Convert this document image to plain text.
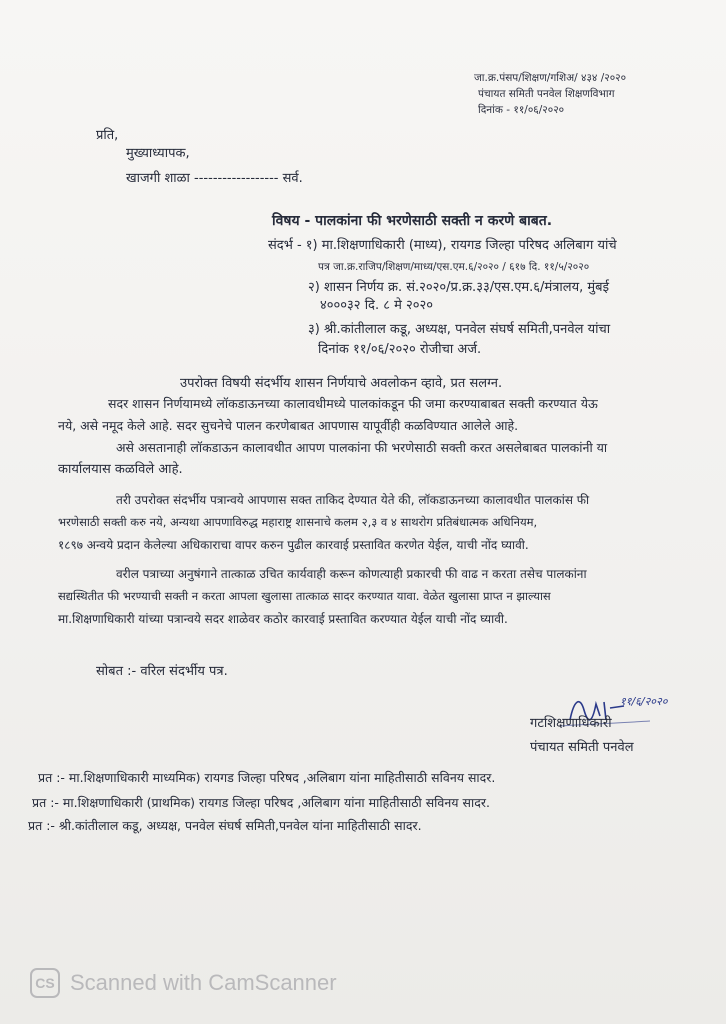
जा.क्र.पंसप/शिक्षण/गशिअ/ ४३४ /२०२०
पंचायत समिती पनवेल शिक्षणविभाग
दिनांक - ११/०६/२०२०
प्रति,
मुख्याध्यापक,
खाजगी शाळा ------------------ सर्व.
विषय - पालकांना फी भरणेसाठी सक्ती न करणे बाबत.
संदर्भ - १) मा.शिक्षणाधिकारी (माध्य), रायगड जिल्हा परिषद अलिबाग यांचे
पत्र जा.क्र.राजिप/शिक्षण/माध्य/एस.एम.६/२०२० / ६१७ दि. ११/५/२०२०
२) शासन निर्णय क्र. सं.२०२०/प्र.क्र.३३/एस.एम.६/मंत्रालय, मुंबई
४०००३२ दि. ८ मे २०२०
३) श्री.कांतीलाल कडू, अध्यक्ष, पनवेल संघर्ष समिती,पनवेल यांचा
दिनांक ११/०६/२०२० रोजीचा अर्ज.
उपरोक्त विषयी संदर्भीय शासन निर्णयाचे अवलोकन व्हावे, प्रत सलग्न.
सदर शासन निर्णयामध्ये लॉकडाऊनच्या कालावधीमध्ये पालकांकडून फी जमा करण्याबाबत सक्ती करण्यात येऊ
नये, असे नमूद केले आहे. सदर सुचनेचे पालन करणेबाबत आपणास यापूर्वीही कळविण्यात आलेले आहे.
असे असतानाही लॉकडाऊन कालावधीत आपण पालकांना फी भरणेसाठी सक्ती करत असलेबाबत पालकांनी या
कार्यालयास कळविले आहे.
तरी उपरोक्त संदर्भीय पत्रान्वये आपणास सक्त ताकिद देण्यात येते की, लॉकडाऊनच्या कालावधीत पालकांस फी
भरणेसाठी सक्ती करु नये, अन्यथा आपणाविरुद्ध महाराष्ट्र शासनाचे कलम २,३ व ४ साथरोग प्रतिबंधात्मक अधिनियम,
१८९७ अन्वये प्रदान केलेल्या अधिकाराचा वापर करुन पुढील कारवाई प्रस्तावित करणेत येईल, याची नोंद घ्यावी.
वरील पत्राच्या अनुषंगाने तात्काळ उचित कार्यवाही करून कोणत्याही प्रकारची फी वाढ न करता तसेच पालकांना
सद्यस्थितीत फी भरण्याची सक्ती न करता आपला खुलासा तात्काळ सादर करण्यात यावा. वेळेत खुलासा प्राप्त न झाल्यास
मा.शिक्षणाधिकारी यांच्या पत्रान्वये सदर शाळेवर कठोर कारवाई प्रस्तावित करण्यात येईल याची नोंद घ्यावी.
सोबत :- वरिल संदर्भीय पत्र.
११/६/२०२०
गटशिक्षणाधिकारी
पंचायत समिती पनवेल
प्रत :- मा.शिक्षणाधिकारी माध्यमिक) रायगड जिल्हा परिषद ,अलिबाग यांना माहितीसाठी सविनय सादर.
प्रत :- मा.शिक्षणाधिकारी (प्राथमिक) रायगड जिल्हा परिषद ,अलिबाग यांना माहितीसाठी सविनय सादर.
प्रत :- श्री.कांतीलाल कडू, अध्यक्ष, पनवेल संघर्ष समिती,पनवेल यांना माहितीसाठी सादर.
CS Scanned with CamScanner
